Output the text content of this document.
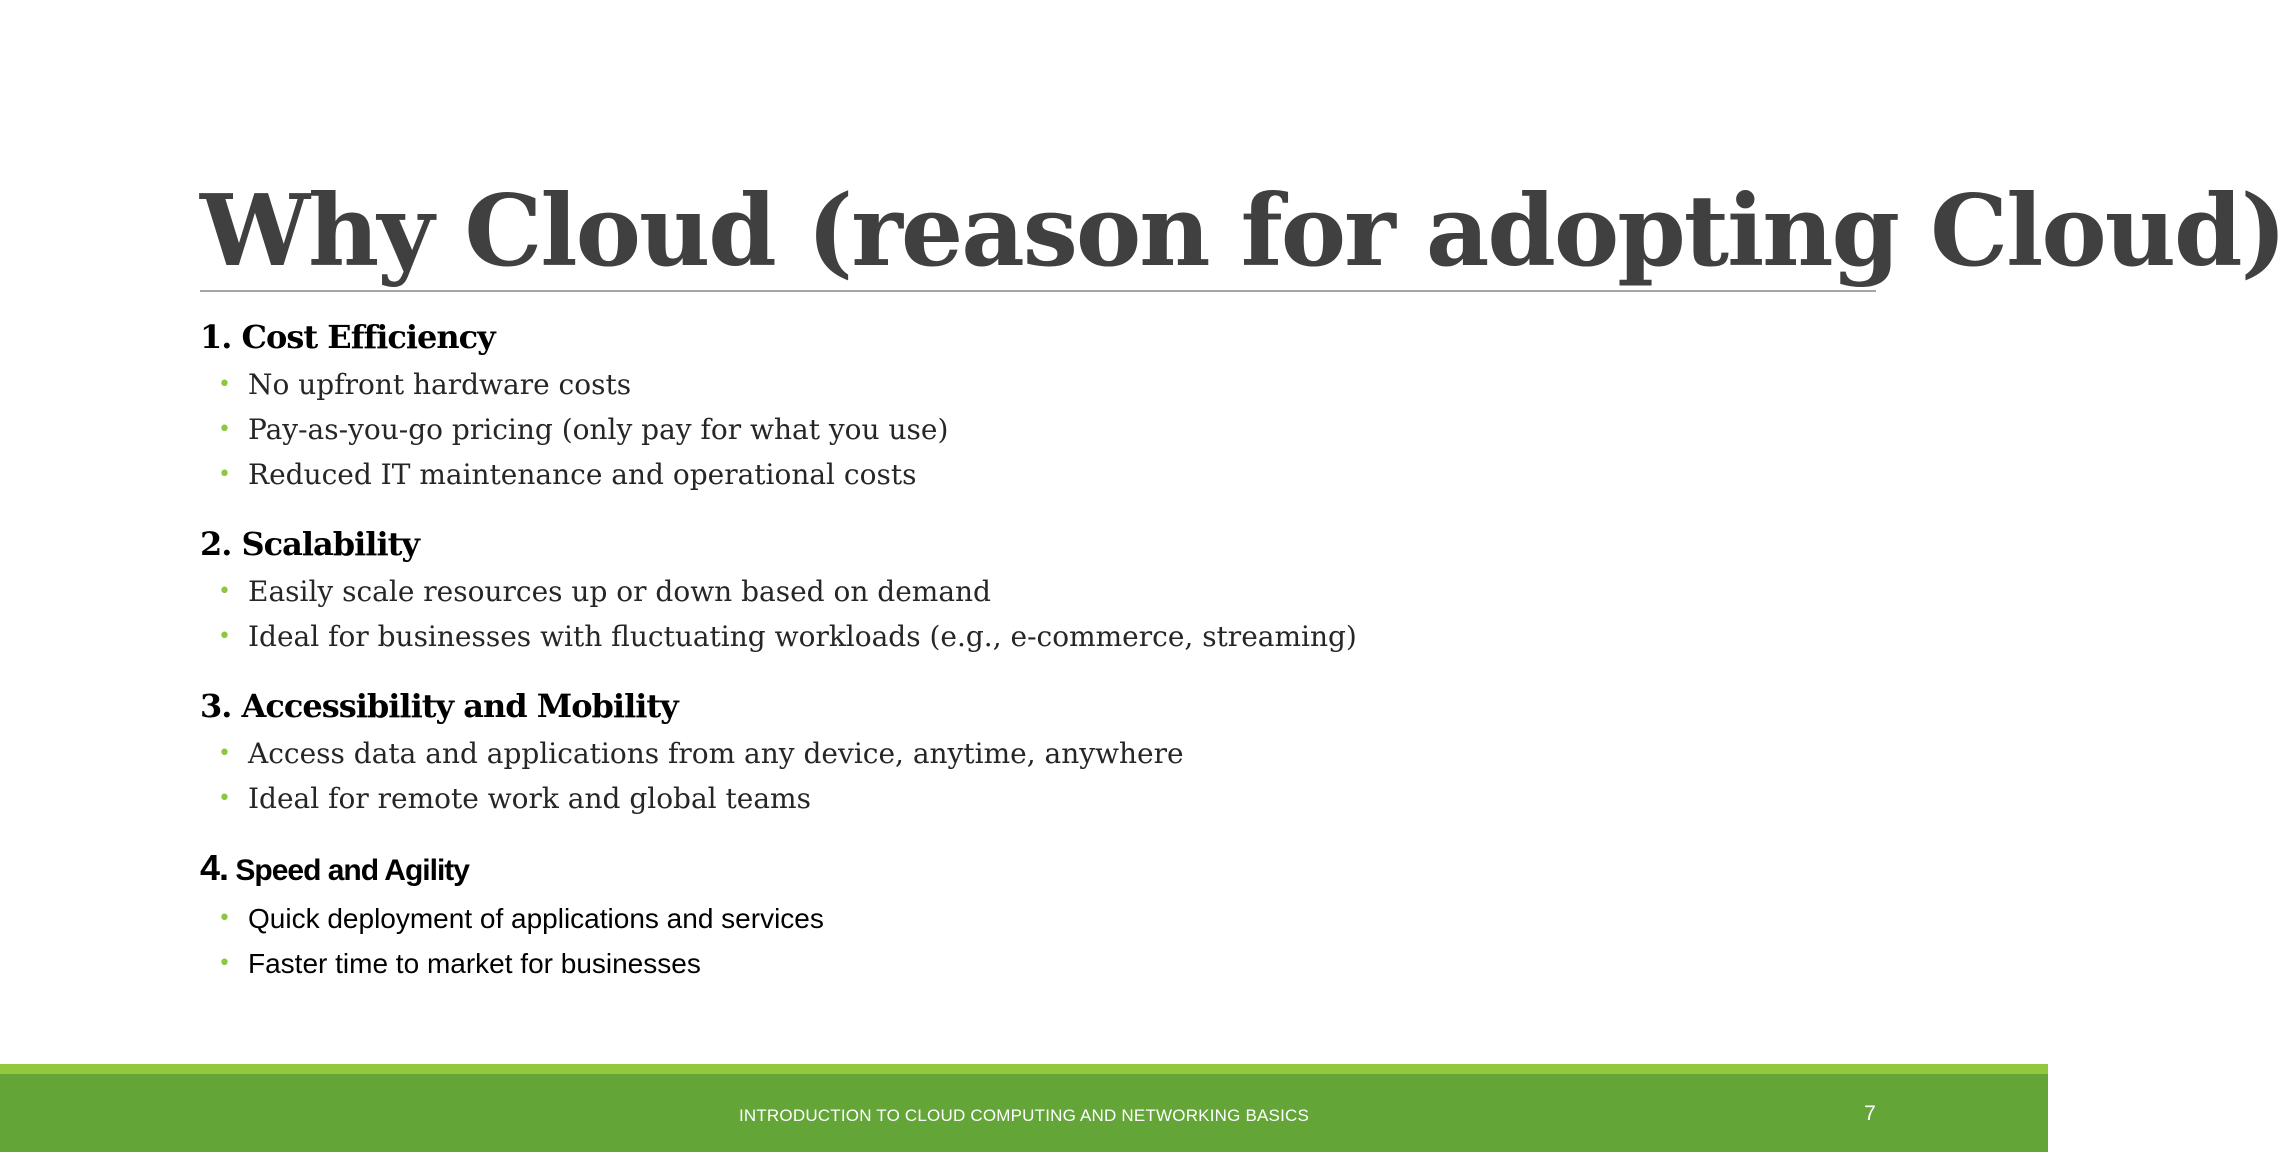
Why Cloud (reason for adopting Cloud)
1. Cost Efficiency
• No upfront hardware costs
• Pay-as-you-go pricing (only pay for what you use)
• Reduced IT maintenance and operational costs
2. Scalability
• Easily scale resources up or down based on demand
• Ideal for businesses with fluctuating workloads (e.g., e-commerce, streaming)
3. Accessibility and Mobility
• Access data and applications from any device, anytime, anywhere
• Ideal for remote work and global teams
4. Speed and Agility
• Quick deployment of applications and services
• Faster time to market for businesses
INTRODUCTION TO CLOUD COMPUTING AND NETWORKING BASICS	7
